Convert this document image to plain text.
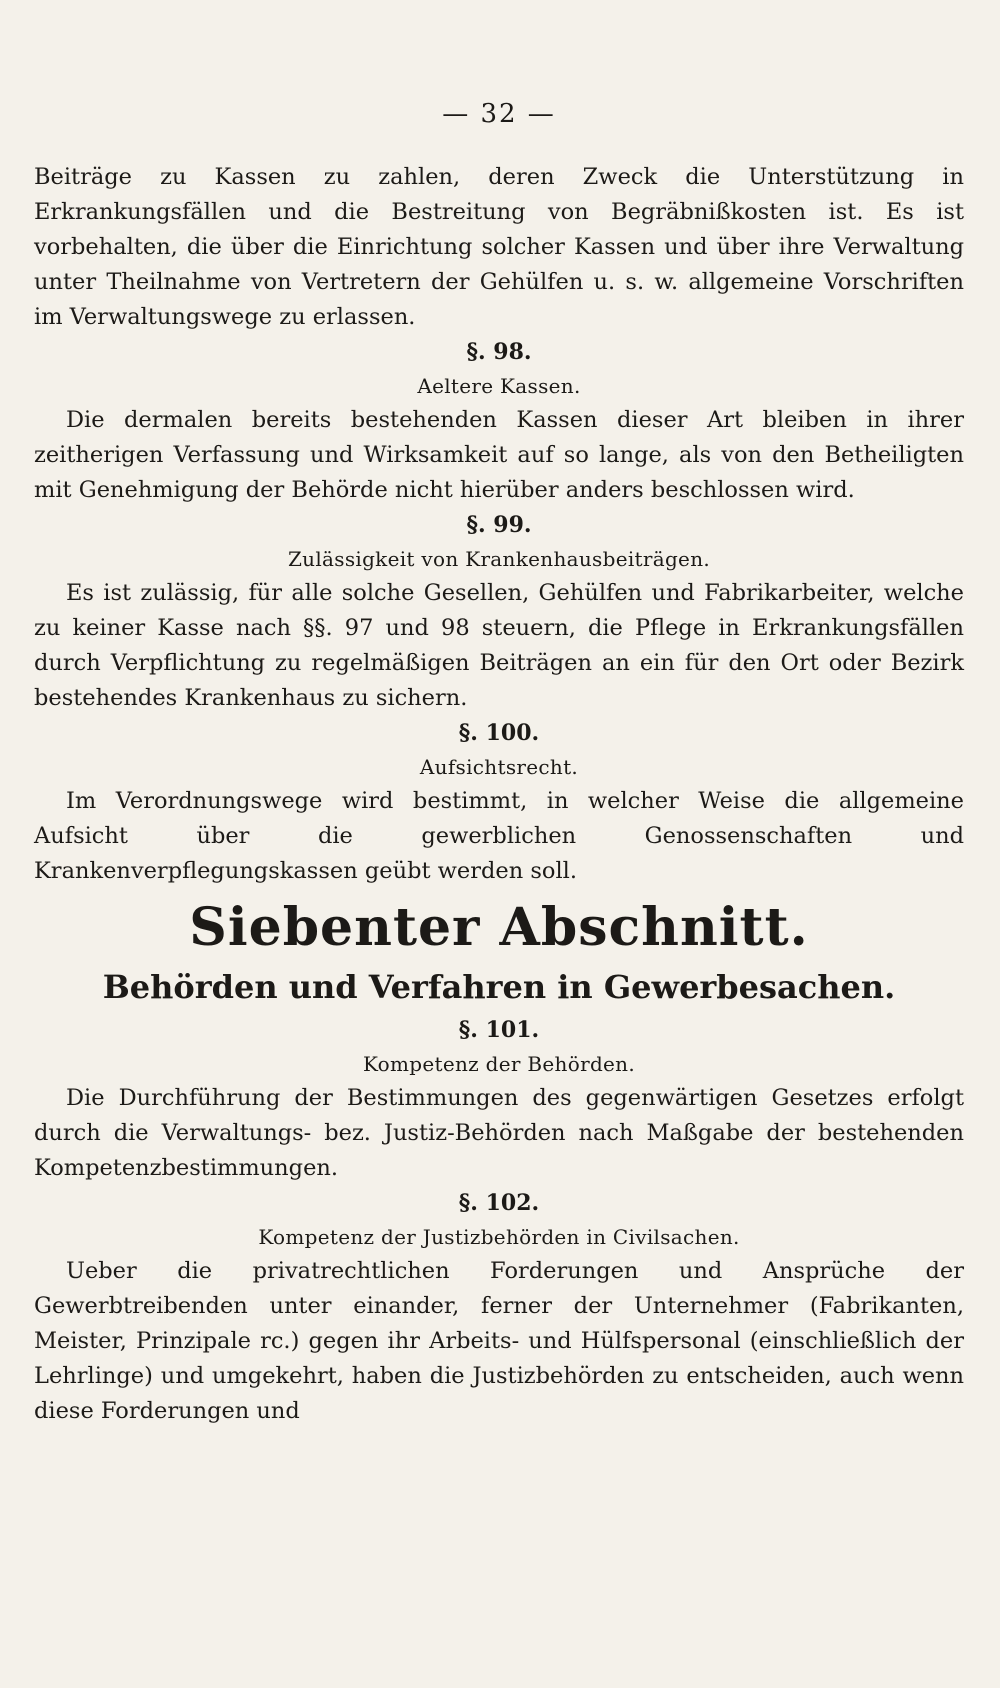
— 32 —

Beiträge zu Kassen zu zahlen, deren Zweck die Unterstützung in Erkrankungsfällen und die Bestreitung von Begräbnißkosten ist. Es ist vorbehalten, die über die Einrichtung solcher Kassen und über ihre Verwaltung unter Theilnahme von Vertretern der Gehülfen u. s. w. allgemeine Vorschriften im Verwaltungswege zu erlassen.

§. 98.
Aeltere Kassen.

Die dermalen bereits bestehenden Kassen dieser Art bleiben in ihrer zeitherigen Verfassung und Wirksamkeit auf so lange, als von den Betheiligten mit Genehmigung der Behörde nicht hierüber anders beschlossen wird.

§. 99.
Zulässigkeit von Krankenhausbeiträgen.

Es ist zulässig, für alle solche Gesellen, Gehülfen und Fabrikarbeiter, welche zu keiner Kasse nach §§. 97 und 98 steuern, die Pflege in Erkrankungsfällen durch Verpflichtung zu regelmäßigen Beiträgen an ein für den Ort oder Bezirk bestehendes Krankenhaus zu sichern.

§. 100.
Aufsichtsrecht.

Im Verordnungswege wird bestimmt, in welcher Weise die allgemeine Aufsicht über die gewerblichen Genossenschaften und Krankenverpflegungskassen geübt werden soll.

Siebenter Abschnitt.
Behörden und Verfahren in Gewerbesachen.
§. 101.
Kompetenz der Behörden.

Die Durchführung der Bestimmungen des gegenwärtigen Gesetzes erfolgt durch die Verwaltungs- bez. Justiz-Behörden nach Maßgabe der bestehenden Kompetenzbestimmungen.

§. 102.
Kompetenz der Justizbehörden in Civilsachen.

Ueber die privatrechtlichen Forderungen und Ansprüche der Gewerbtreibenden unter einander, ferner der Unternehmer (Fabrikanten, Meister, Prinzipale rc.) gegen ihr Arbeits- und Hülfspersonal (einschließlich der Lehrlinge) und umgekehrt, haben die Justizbehörden zu entscheiden, auch wenn diese Forderungen und
